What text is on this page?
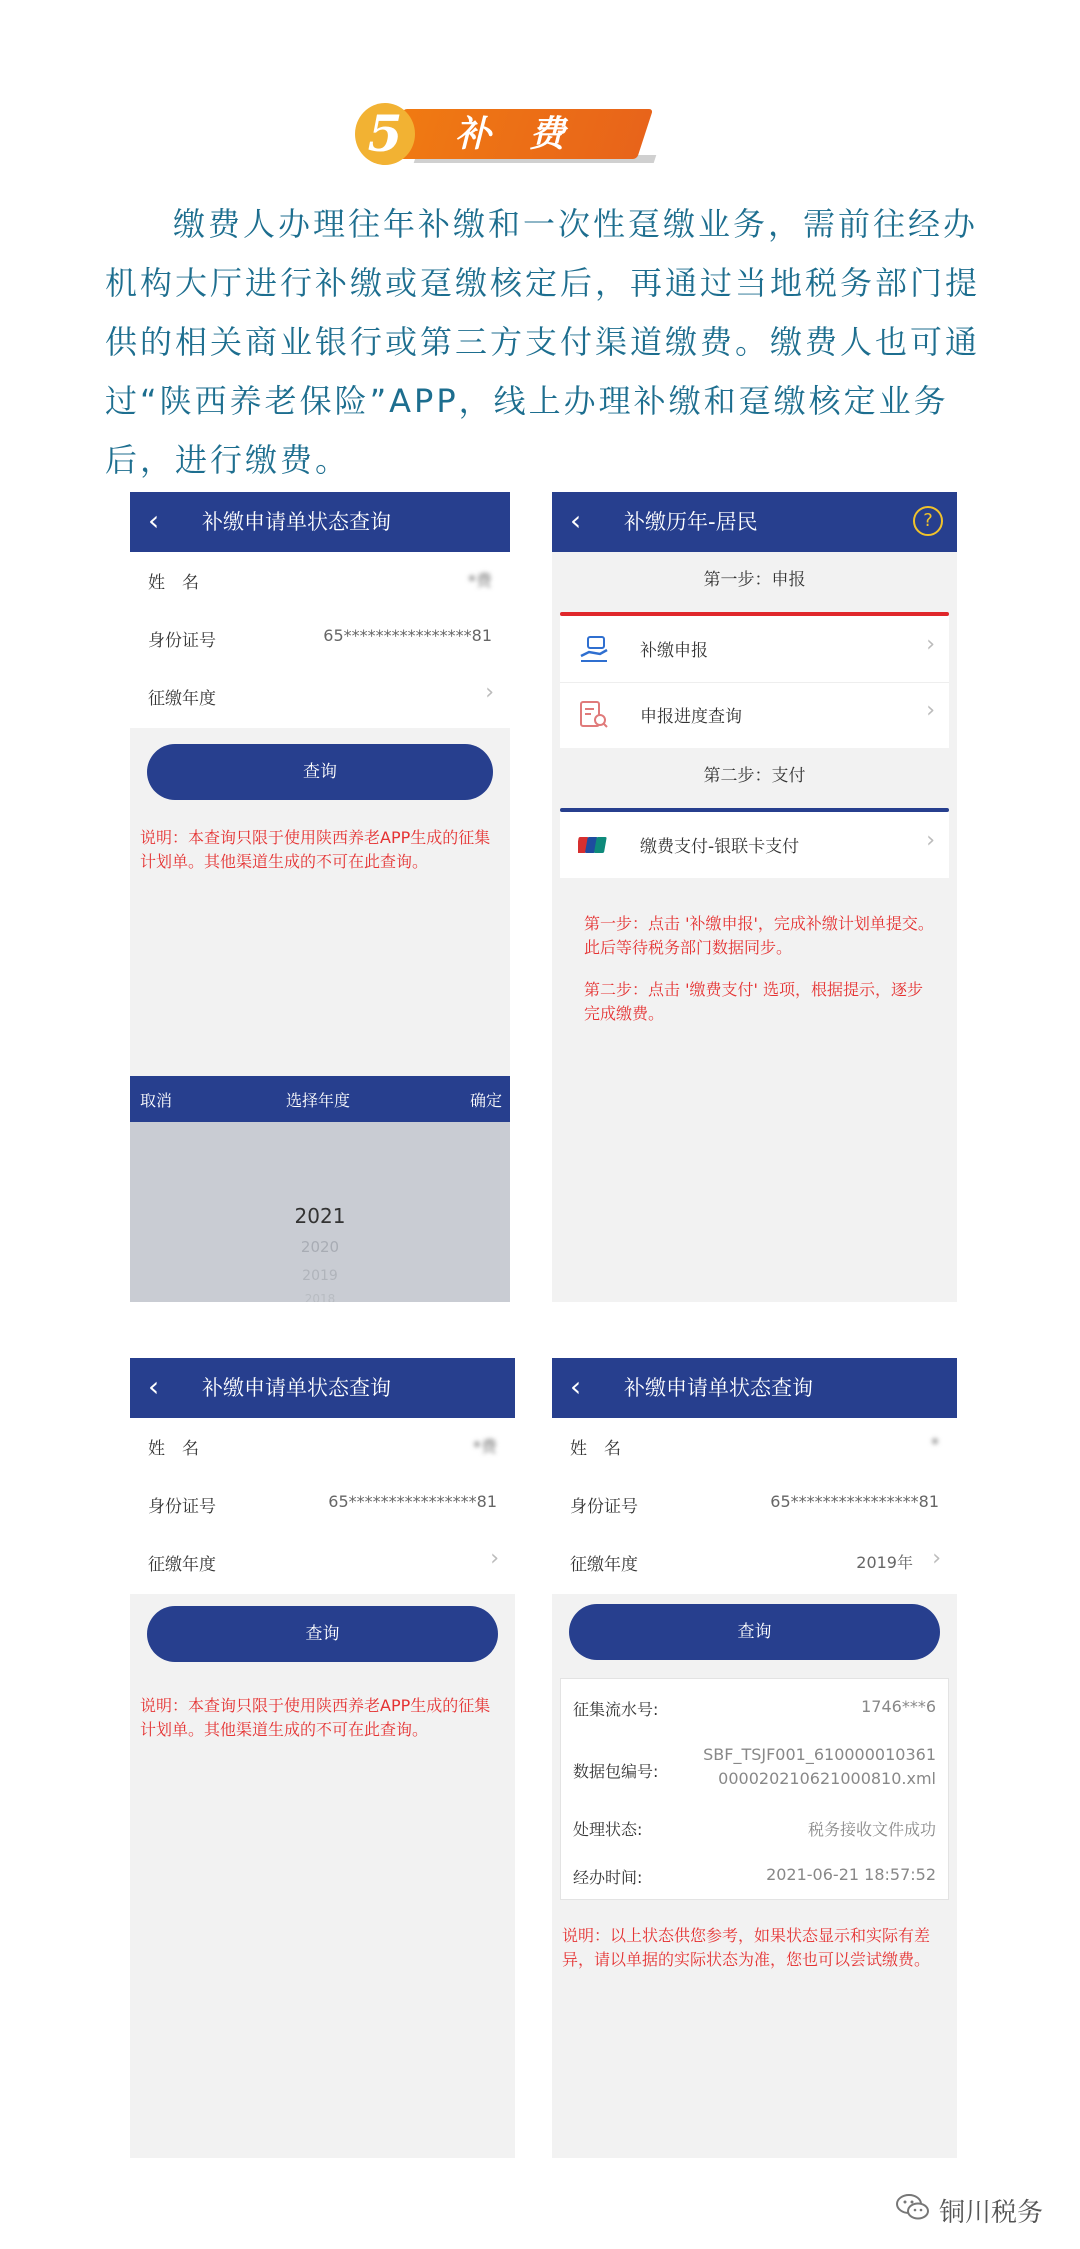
5	补费

缴费人办理往年补缴和一次性趸缴业务，需前往经办机构大厅进行补缴或趸缴核定后，再通过当地税务部门提供的相关商业银行或第三方支付渠道缴费。缴费人也可通过“陕西养老保险”APP，线上办理补缴和趸缴核定业务后，进行缴费。

‹ 补缴申请单状态查询
姓　名	*费
身份证号	65****************81
征缴年度	›
查询
说明：本查询只限于使用陕西养老APP生成的征集计划单。其他渠道生成的不可在此查询。
取消	选择年度	确定
2021
2020
2019
2018
‹ 补缴历年-居民	?
第一步：申报
补缴申报	›
申报进度查询	›
第二步：支付
缴费支付-银联卡支付	›
第一步：点击 '补缴申报'，完成补缴计划单提交。此后等待税务部门数据同步。
第二步：点击 '缴费支付' 选项，根据提示，逐步完成缴费。
‹ 补缴申请单状态查询
姓　名	*费
身份证号	65****************81
征缴年度	›
查询
说明：本查询只限于使用陕西养老APP生成的征集计划单。其他渠道生成的不可在此查询。
‹ 补缴申请单状态查询
姓　名	*
身份证号	65****************81
征缴年度	2019年 ›
查询
征集流水号:	1746***6
数据包编号:
SBF_TSJF001_610000010361
000020210621000810.xml
处理状态:	税务接收文件成功
经办时间:	2021-06-21 18:57:52
说明：以上状态供您参考，如果状态显示和实际有差异，请以单据的实际状态为准，您也可以尝试缴费。
铜川税务
